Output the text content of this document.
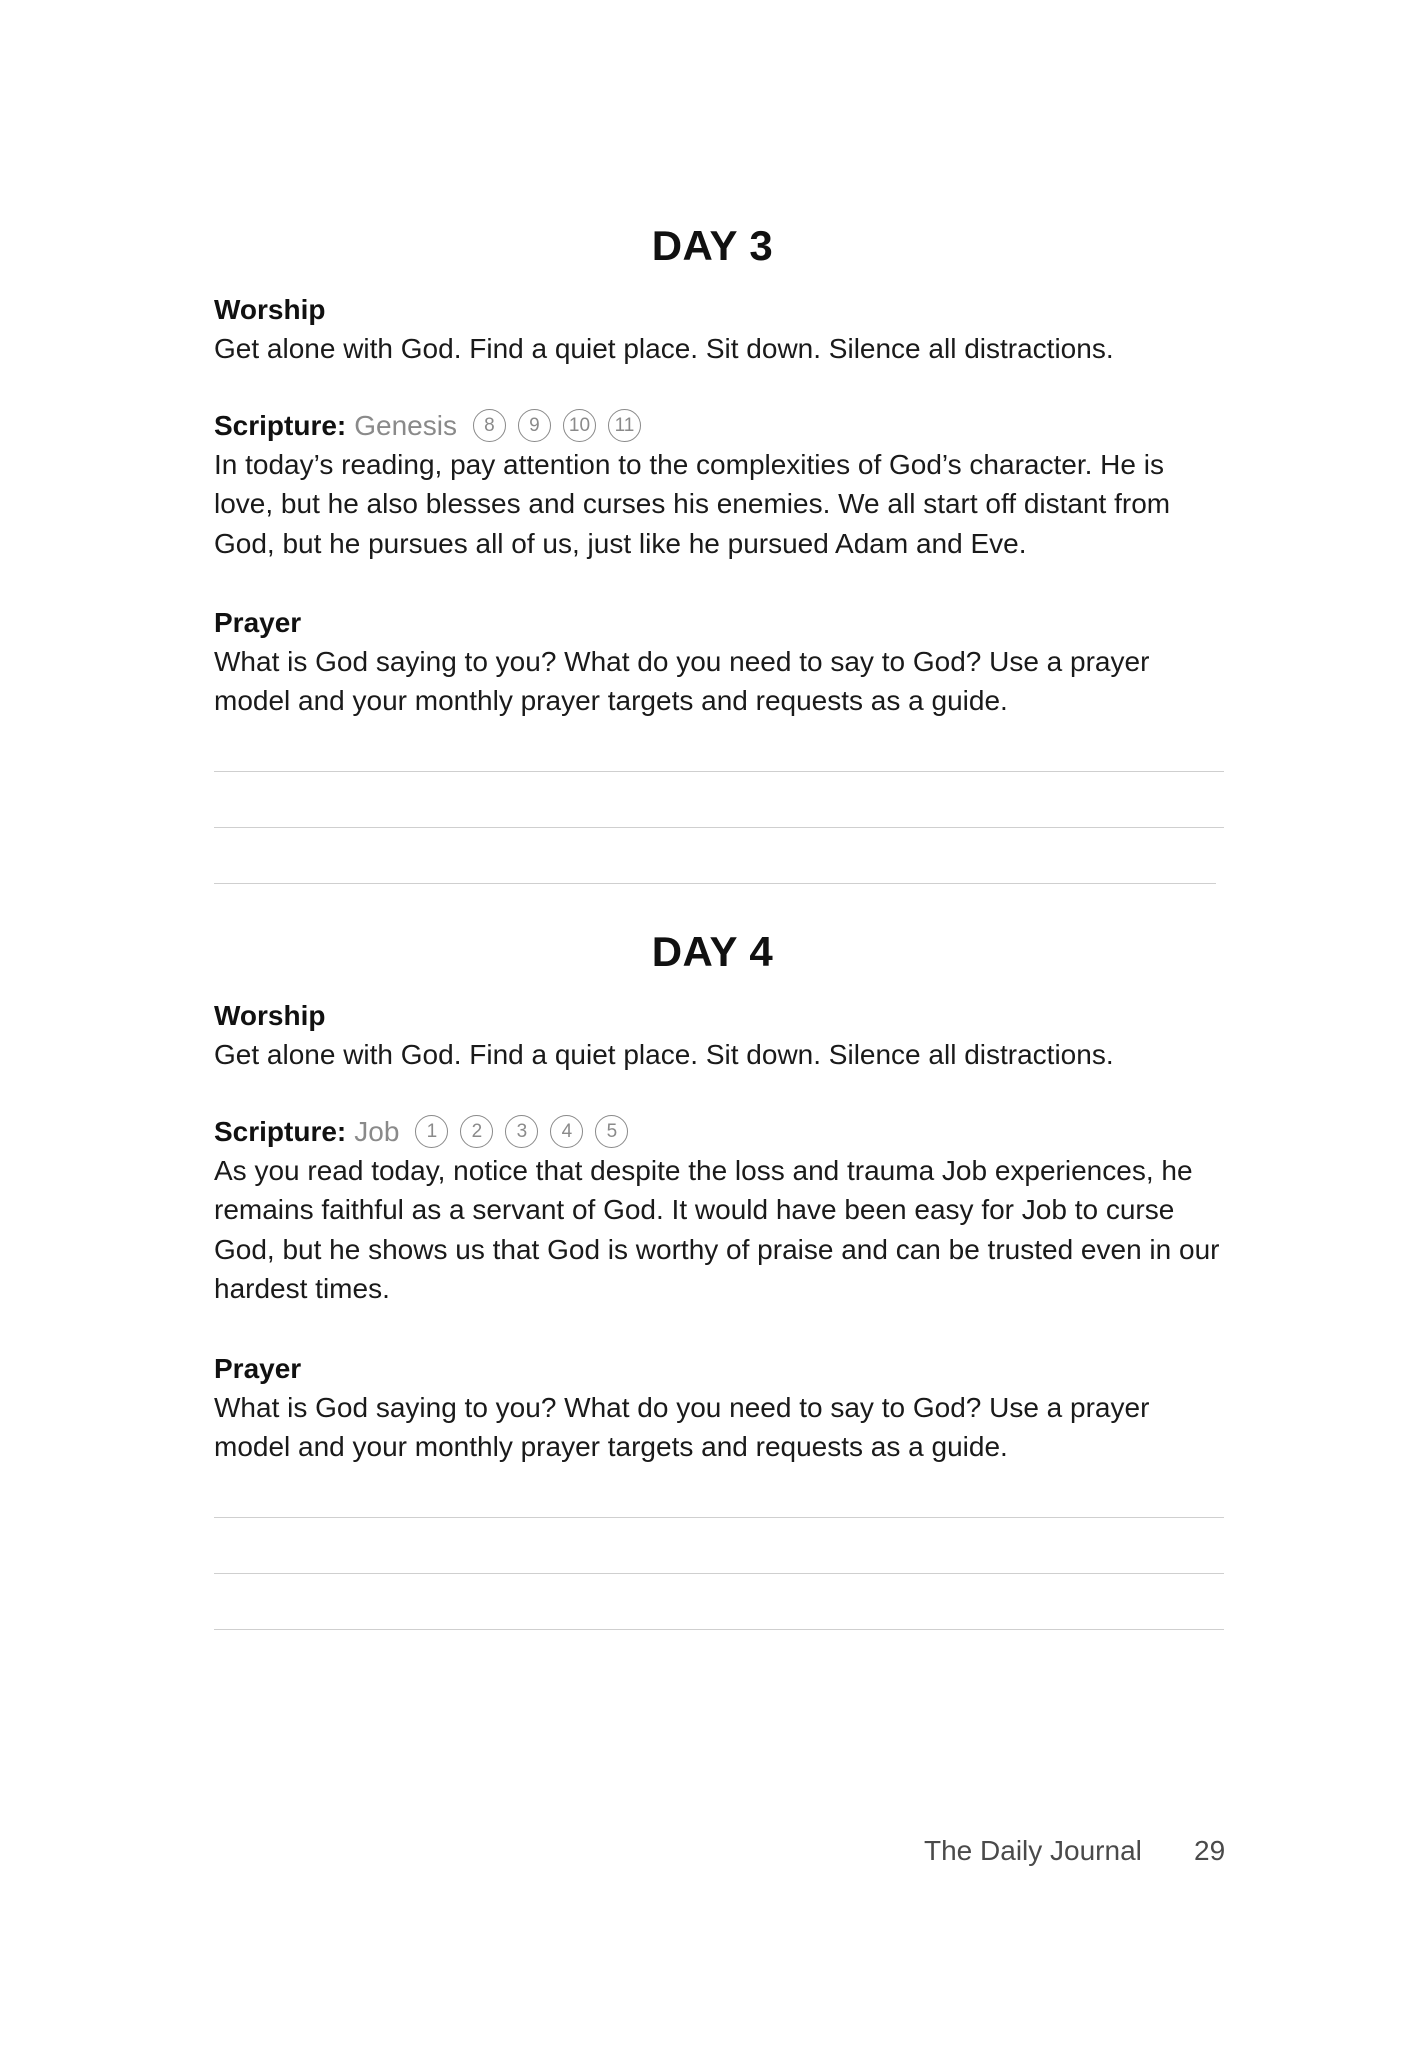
DAY 3
Worship
Get alone with God. Find a quiet place. Sit down. Silence all distractions.
Scripture: Genesis	8	9	10	11
In today’s reading, pay attention to the complexities of God’s character. He is love, but he also blesses and curses his enemies. We all start off distant from God, but he pursues all of us, just like he pursued Adam and Eve.
Prayer
What is God saying to you? What do you need to say to God? Use a prayer model and your monthly prayer targets and requests as a guide.
DAY 4
Worship
Get alone with God. Find a quiet place. Sit down. Silence all distractions.
Scripture: Job	1	2	3	4	5
As you read today, notice that despite the loss and trauma Job experiences, he remains faithful as a servant of God. It would have been easy for Job to curse God, but he shows us that God is worthy of praise and can be trusted even in our hardest times.
Prayer
What is God saying to you? What do you need to say to God? Use a prayer model and your monthly prayer targets and requests as a guide.
The Daily Journal 29
